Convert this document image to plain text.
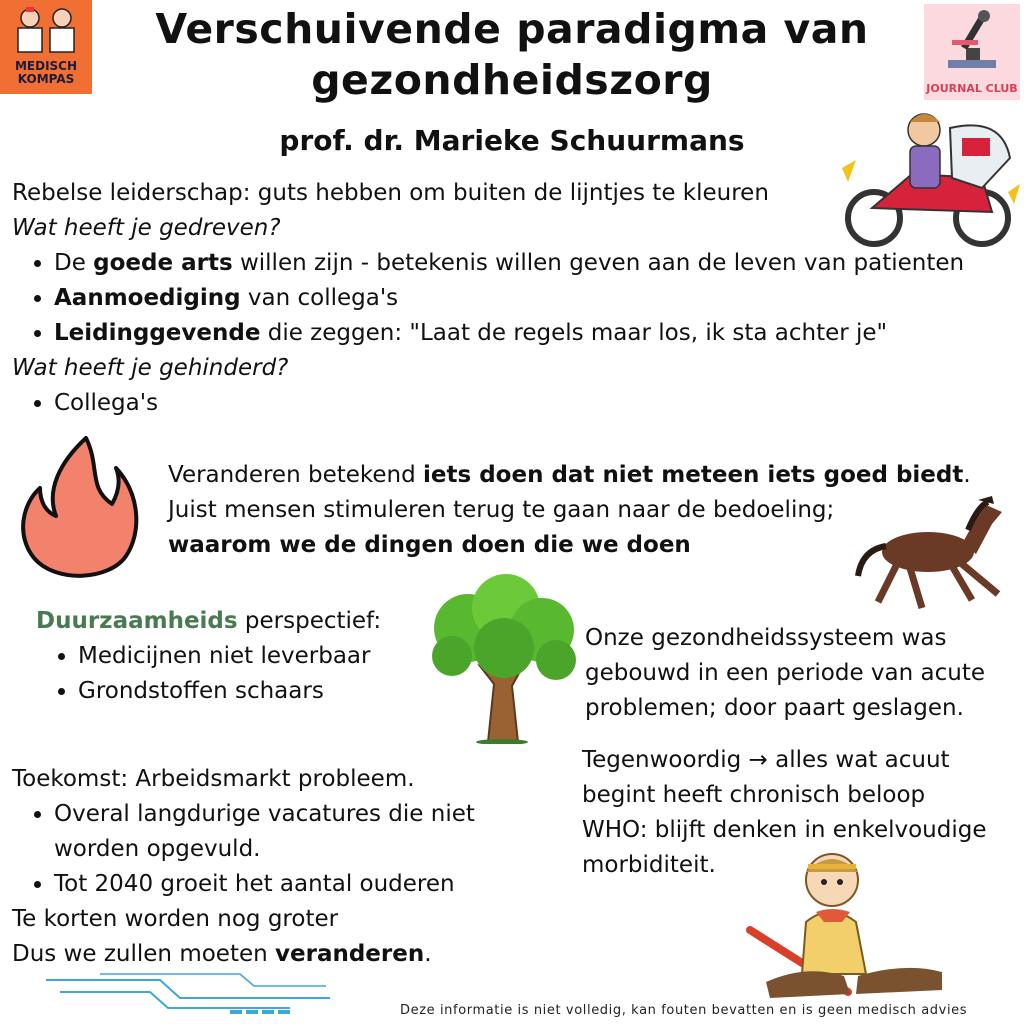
MEDISCH
KOMPAS
JOURNAL CLUB
Verschuivende paradigma van
gezondheidszorg
prof. dr. Marieke Schuurmans

Rebelse leiderschap: guts hebben om buiten de lijntjes te kleuren

Wat heeft je gedreven?

• De goede arts willen zijn - betekenis willen geven aan de leven van patienten
• Aanmoediging van collega's
• Leidinggevende die zeggen: "Laat de regels maar los, ik sta achter je"

Wat heeft je gehinderd?

• Collega's

Veranderen betekend iets doen dat niet meteen iets goed biedt.

Juist mensen stimuleren terug te gaan naar de bedoeling;

waarom we de dingen doen die we doen

Duurzaamheids perspectief:

• Medicijnen niet leverbaar
• Grondstoffen schaars

Onze gezondheidssysteem was

gebouwd in een periode van acute

problemen; door paart geslagen.

Toekomst: Arbeidsmarkt probleem.

• Overal langdurige vacatures die niet
worden opgevuld.
• Tot 2040 groeit het aantal ouderen

Te korten worden nog groter

Dus we zullen moeten veranderen.

Tegenwoordig → alles wat acuut

begint heeft chronisch beloop

WHO: blijft denken in enkelvoudige

morbiditeit.

Deze informatie is niet volledig, kan fouten bevatten en is geen medisch advies
